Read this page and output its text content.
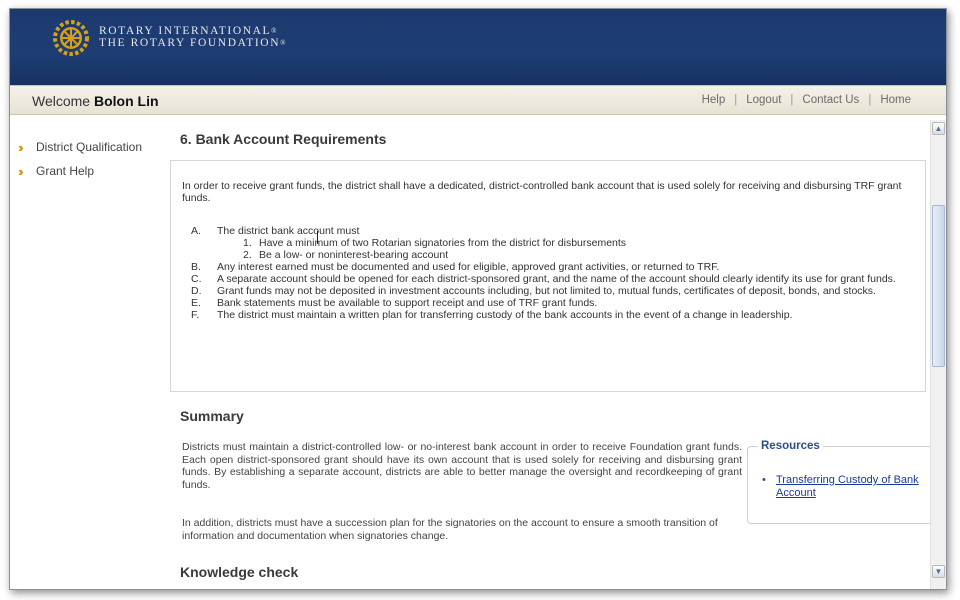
ROTARY INTERNATIONAL®
THE ROTARY FOUNDATION®
Welcome Bolon Lin	Help | Logout | Contact Us | Home
››	District Qualification
››	Grant Help
6. Bank Account Requirements
In order to receive grant funds, the district shall have a dedicated, district-controlled bank account that is used solely for receiving and disbursing TRF grant funds.
A.	The district bank account must
1. Have a minimum of two Rotarian signatories from the district for disbursements
2. Be a low- or noninterest-bearing account
B.	Any interest earned must be documented and used for eligible, approved grant activities, or returned to TRF.
C.	A separate account should be opened for each district-sponsored grant, and the name of the account should clearly identify its use for grant funds.
D.	Grant funds may not be deposited in investment accounts including, but not limited to, mutual funds, certificates of deposit, bonds, and stocks.
E.	Bank statements must be available to support receipt and use of TRF grant funds.
F.	The district must maintain a written plan for transferring custody of the bank accounts in the event of a change in leadership.
Summary
Districts must maintain a district-controlled low- or no-interest bank account in order to receive Foundation grant funds. Each open district-sponsored grant should have its own account that is used solely for receiving and disbursing grant funds. By establishing a separate account, districts are able to better manage the oversight and recordkeeping of grant funds.
In addition, districts must have a succession plan for the signatories on the account to ensure a smooth transition of information and documentation when signatories change.
Resources
• Transferring Custody of Bank Account
Knowledge check
▲
▼
